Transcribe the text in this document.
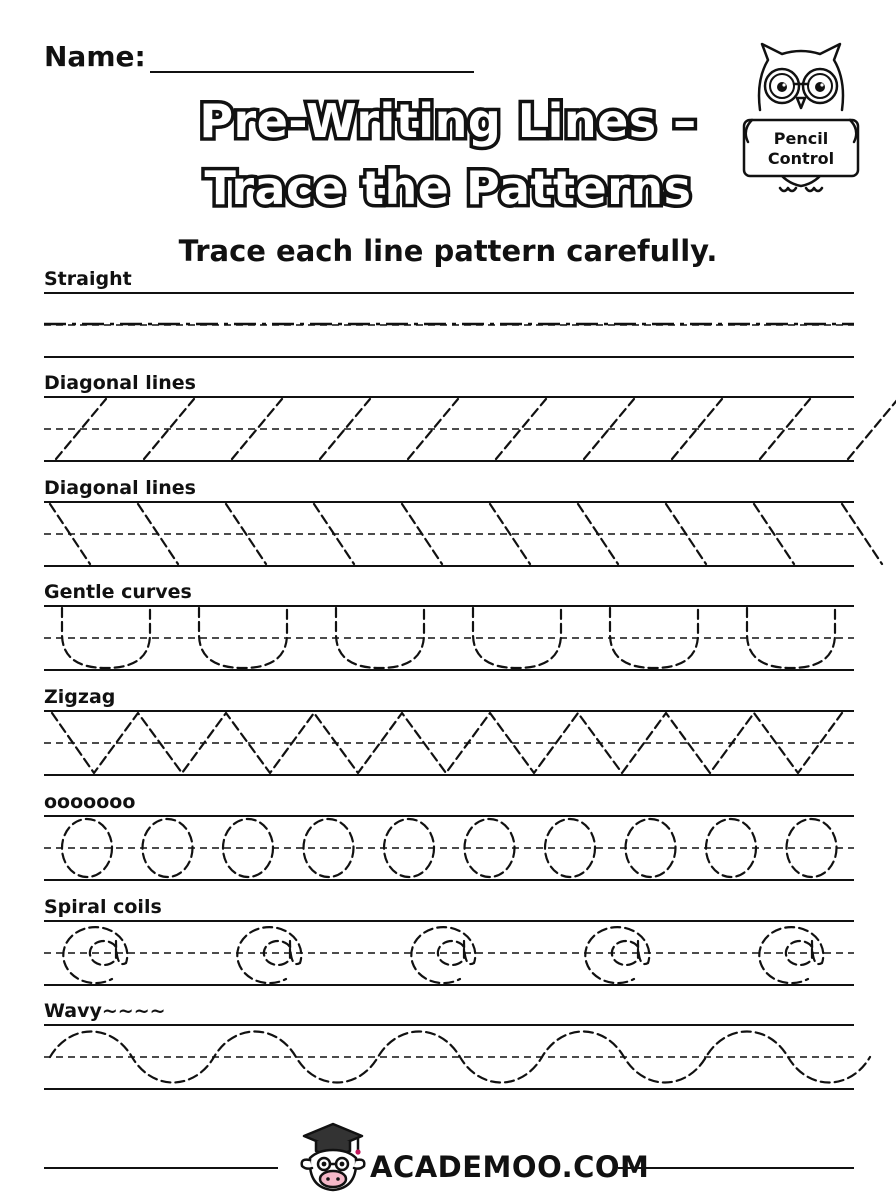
Name:
Pre-Writing Lines –
Trace the Patterns
Trace each line pattern carefully.
Pencil
Control
Straight
Diagonal lines
Diagonal lines
Gentle curves
Zigzag
ooooooo
Spiral coils
Wavy~~~~
ACADEMOO.COM
